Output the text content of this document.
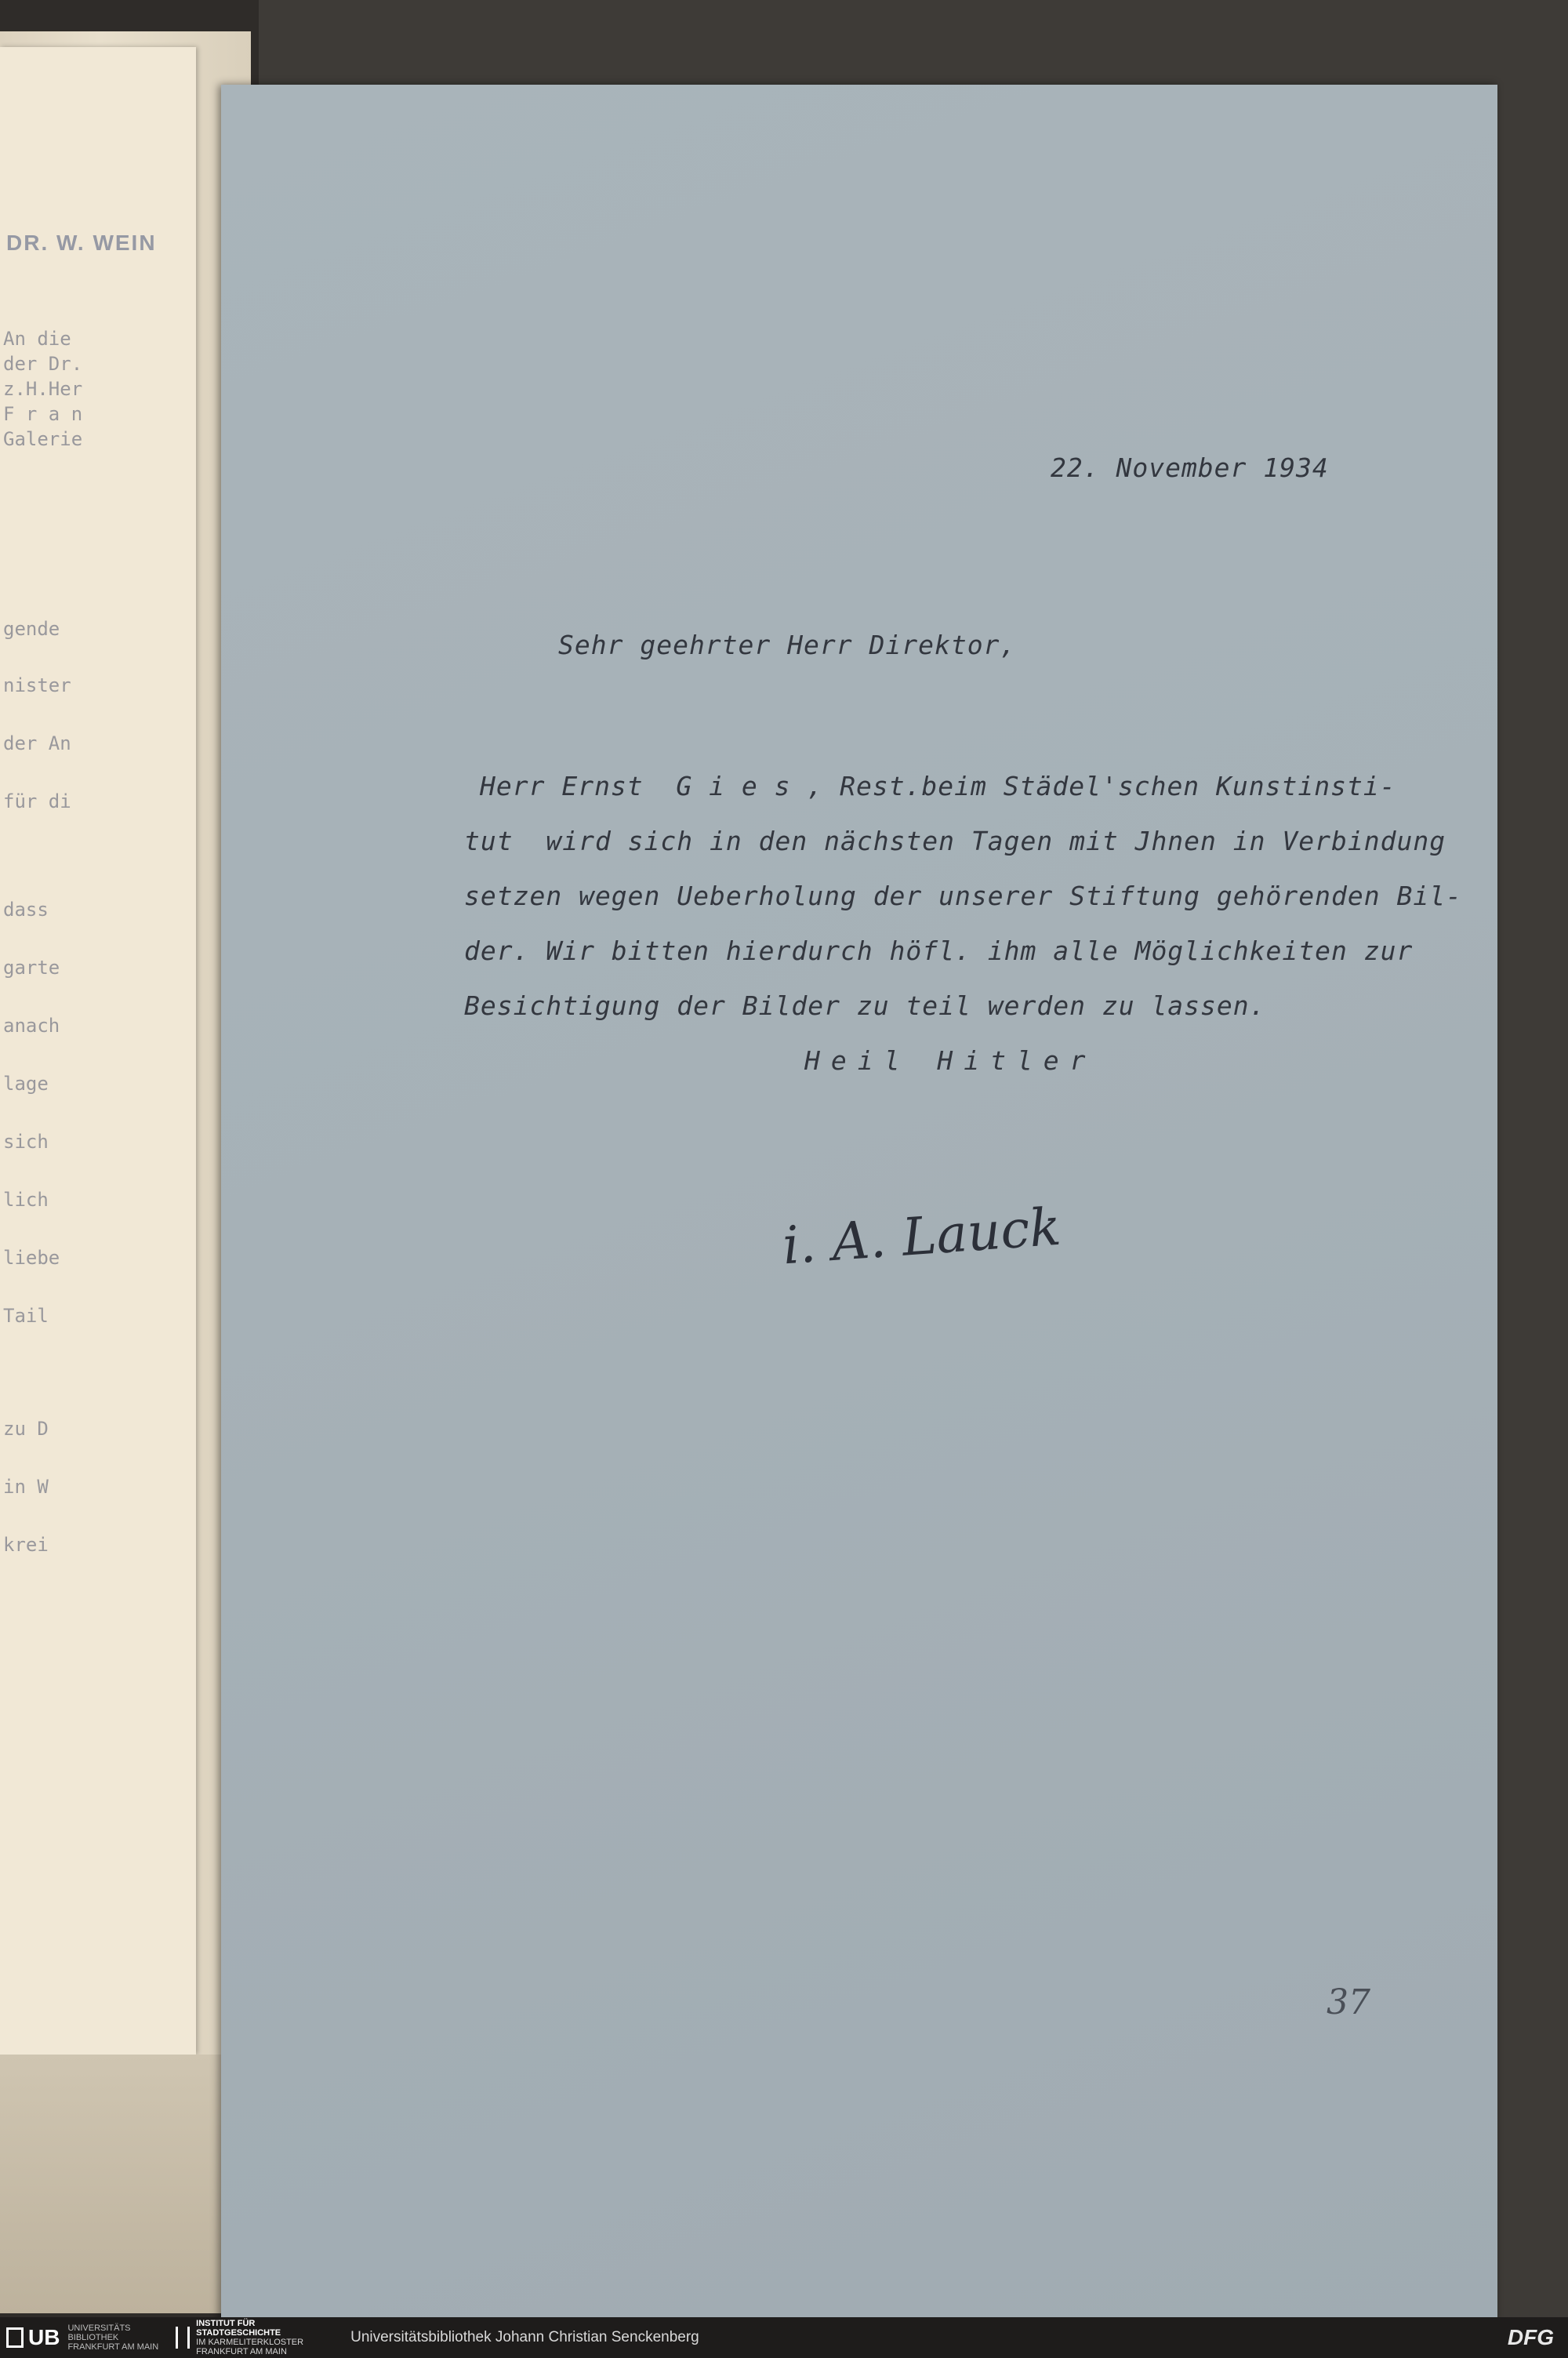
DR. W. WEIN
An die
der Dr.
z.H.Her
F r a n
Galerie
gende
nister
der An
für di
dass
garte
anach
lage
sich
lich
liebe
Tail
zu D
in W
krei
22. November 1934
Sehr geehrter Herr Direktor,
Herr Ernst  G i e s , Rest.beim Städel'schen Kunstinsti-
tut  wird sich in den nächsten Tagen mit Jhnen in Verbindung
setzen wegen Ueberholung der unserer Stiftung gehörenden Bil-
der. Wir bitten hierdurch höfl. ihm alle Möglichkeiten zur
Besichtigung der Bilder zu teil werden zu lassen.
Heil Hitler
i. A. Lauck
37
UB UNIVERSITÄTS
BIBLIOTHEK
FRANKFURT AM MAIN
INSTITUT FÜR
STADTGESCHICHTE
IM KARMELITERKLOSTER
FRANKFURT AM MAIN
Universitätsbibliothek Johann Christian Senckenberg	DFG
